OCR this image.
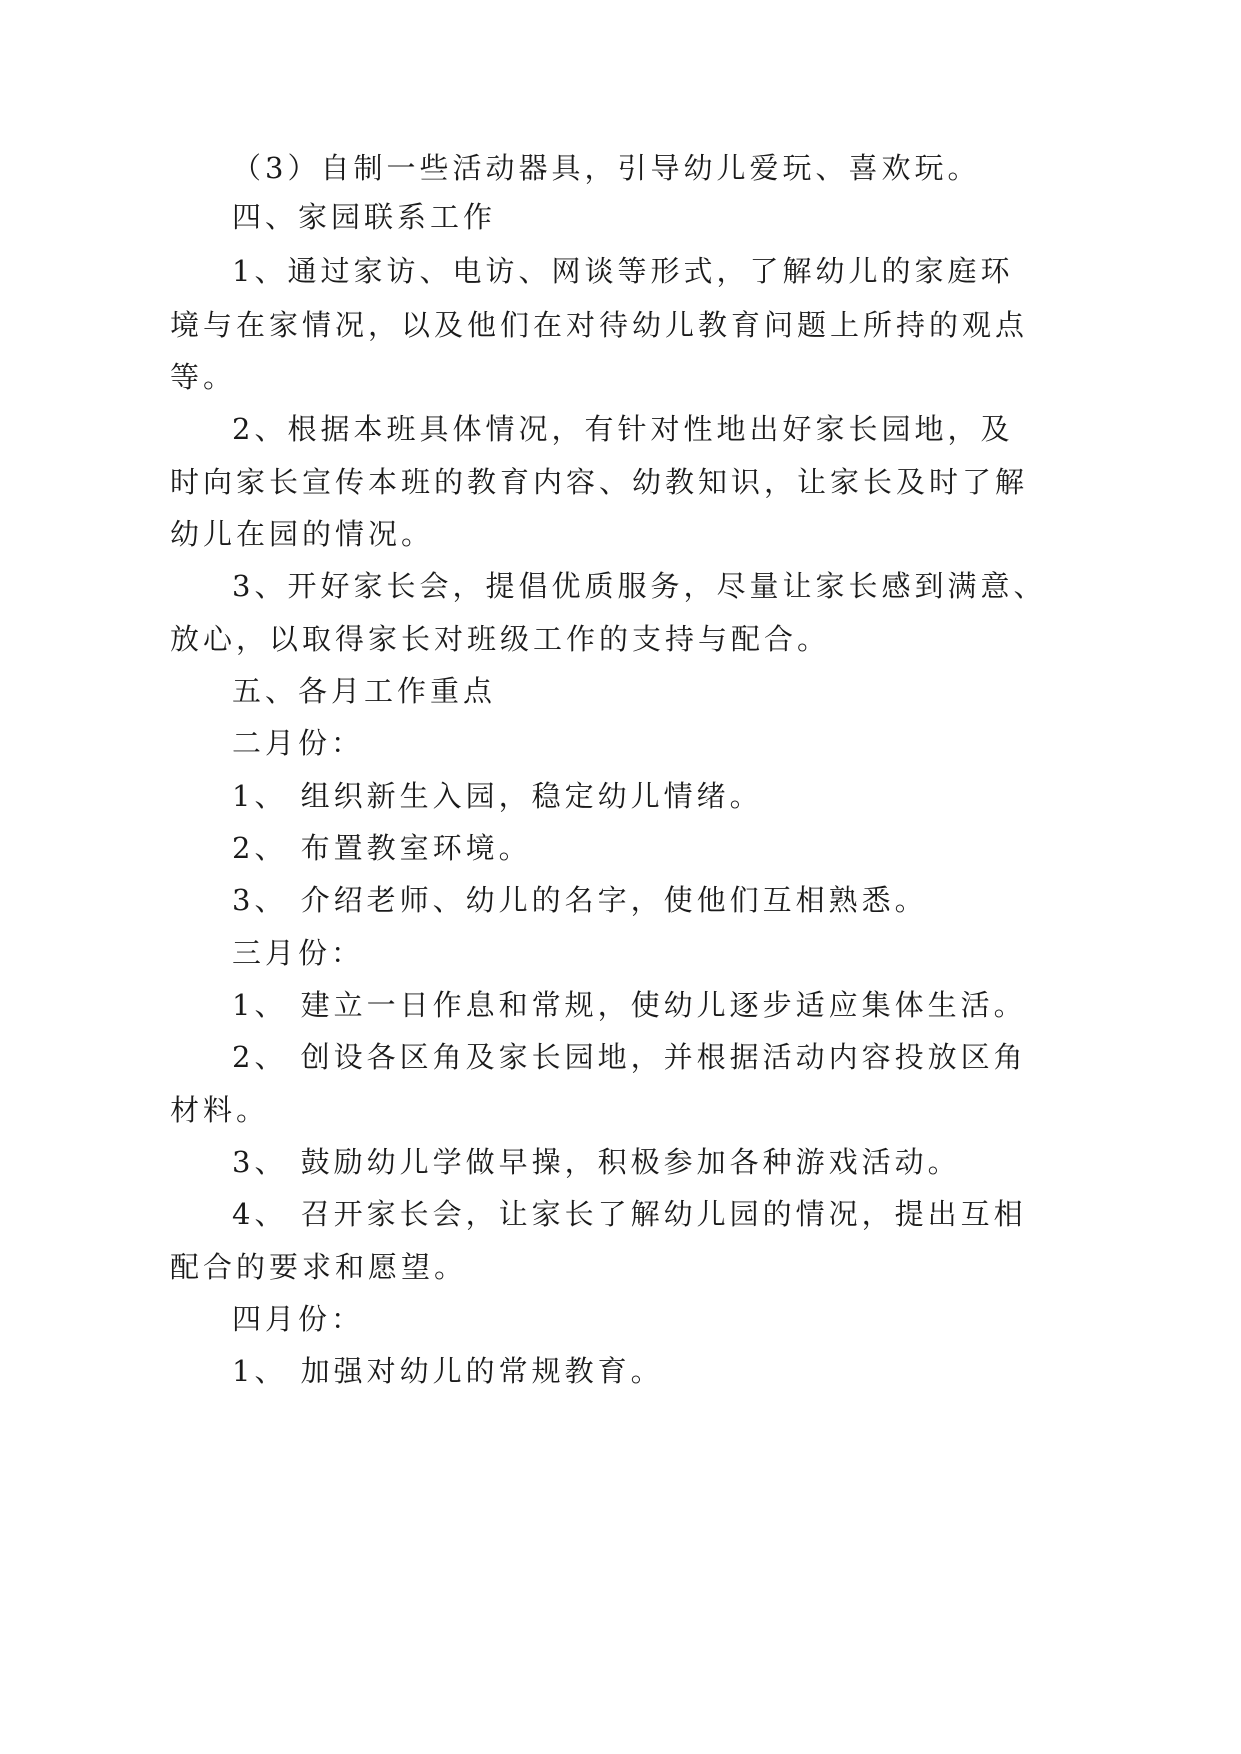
（3）自制一些活动器具，引导幼儿爱玩、喜欢玩。
四、家园联系工作
1、通过家访、电访、网谈等形式，了解幼儿的家庭环
境与在家情况，以及他们在对待幼儿教育问题上所持的观点
等。
2、根据本班具体情况，有针对性地出好家长园地，及
时向家长宣传本班的教育内容、幼教知识，让家长及时了解
幼儿在园的情况。
3、开好家长会，提倡优质服务，尽量让家长感到满意、
放心，以取得家长对班级工作的支持与配合。
五、各月工作重点
二月份：
1、 组织新生入园，稳定幼儿情绪。
2、 布置教室环境。
3、 介绍老师、幼儿的名字，使他们互相熟悉。
三月份：
1、 建立一日作息和常规，使幼儿逐步适应集体生活。
2、 创设各区角及家长园地，并根据活动内容投放区角
材料。
3、 鼓励幼儿学做早操，积极参加各种游戏活动。
4、 召开家长会，让家长了解幼儿园的情况，提出互相
配合的要求和愿望。
四月份：
1、 加强对幼儿的常规教育。
